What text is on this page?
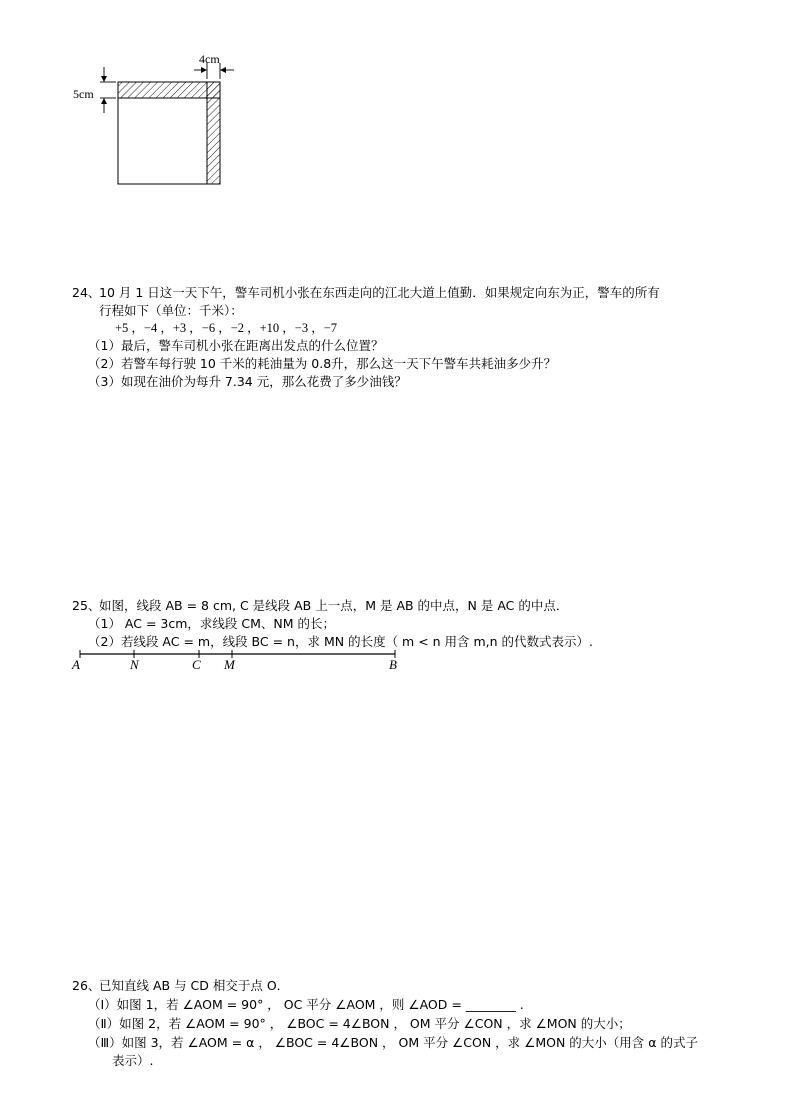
4cm
5cm
24、
10 月 1 日这一天下午，警车司机小张在东西走向的江北大道上值勤．如果规定向东为正，警车的所有
行程如下（单位：千米）：
+5 ，−4 ，+3 ，−6 ，−2 ，+10 ，−3 ，−7
（1）最后，警车司机小张在距离出发点的什么位置？
（2）若警车每行驶 10 千米的耗油量为 0.8升，那么这一天下午警车共耗油多少升？
（3）如现在油价为每升 7.34 元，那么花费了多少油钱？
25、
如图，线段 AB = 8 cm, C 是线段 AB 上一点，M 是 AB 的中点，N 是 AC 的中点．
（1） AC = 3cm，求线段 CM、NM 的长；
（2）若线段 AC = m，线段 BC = n，求 MN 的长度（ m < n 用含 m,n 的代数式表示）.
A	N	C M	B
26、
已知直线 AB 与 CD 相交于点 O．
（Ⅰ）如图 1，若 ∠AOM = 90° ， OC 平分 ∠AOM ，则 ∠AOD = ________ .
（Ⅱ）如图 2，若 ∠AOM = 90° ， ∠BOC = 4∠BON ， OM 平分 ∠CON ，求 ∠MON 的大小；
（Ⅲ）如图 3，若 ∠AOM = α ， ∠BOC = 4∠BON ， OM 平分 ∠CON ，求 ∠MON 的大小（用含 α 的式子
表示）.
